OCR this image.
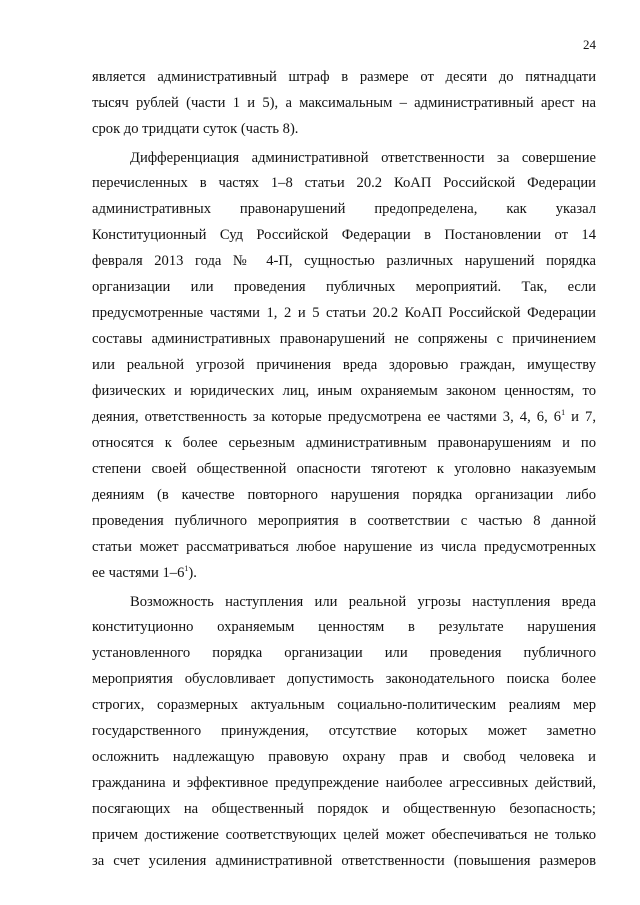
24
является административный штраф в размере от десяти до пятнадцати
тысяч рублей (части 1 и 5), а максимальным – административный арест на
срок до тридцати суток (часть 8).
Дифференциация административной ответственности за совершение
перечисленных в частях 1–8 статьи 20.2 КоАП Российской Федерации
административных правонарушений предопределена, как указал
Конституционный Суд Российской Федерации в Постановлении от 14
февраля 2013 года № 4-П, сущностью различных нарушений порядка
организации или проведения публичных мероприятий. Так, если
предусмотренные частями 1, 2 и 5 статьи 20.2 КоАП Российской Федерации
составы административных правонарушений не сопряжены с причинением
или реальной угрозой причинения вреда здоровью граждан, имуществу
физических и юридических лиц, иным охраняемым законом ценностям, то
деяния, ответственность за которые предусмотрена ее частями 3, 4, 6, $6^1$ и 7,
относятся к более серьезным административным правонарушениям и по
степени своей общественной опасности тяготеют к уголовно наказуемым
деяниям (в качестве повторного нарушения порядка организации либо
проведения публичного мероприятия в соответствии с частью 8 данной
статьи может рассматриваться любое нарушение из числа предусмотренных
ее частями $1-6^1$).
Возможность наступления или реальной угрозы наступления вреда
конституционно охраняемым ценностям в результате нарушения
установленного порядка организации или проведения публичного
мероприятия обусловливает допустимость законодательного поиска более
строгих, соразмерных актуальным социально-политическим реалиям мер
государственного принуждения, отсутствие которых может заметно
осложнить надлежащую правовую охрану прав и свобод человека и
гражданина и эффективное предупреждение наиболее агрессивных действий,
посягающих на общественный порядок и общественную безопасность;
причем достижение соответствующих целей может обеспечиваться не только
за счет усиления административной ответственности (повышения размеров
